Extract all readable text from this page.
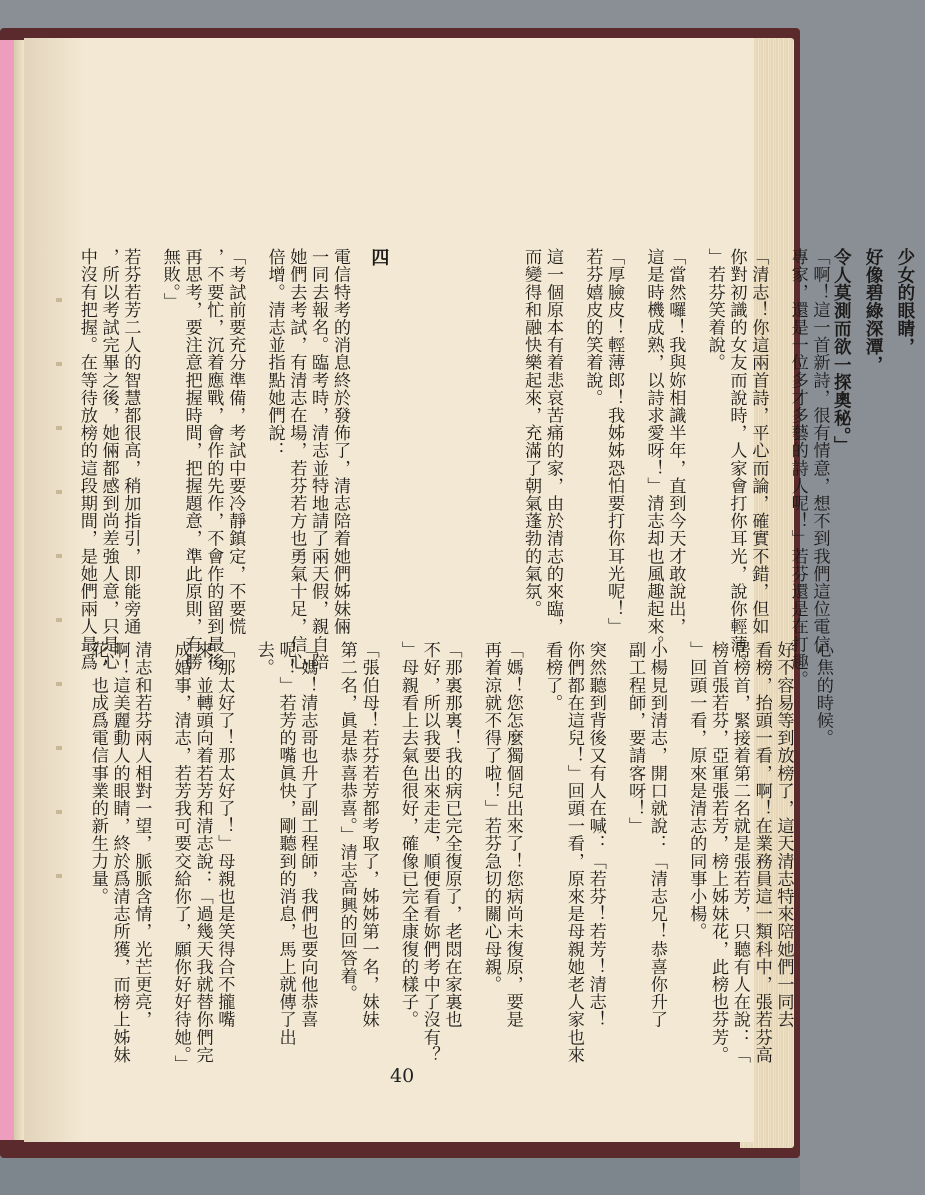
少女的眼睛，
好像碧綠深潭，
令人莫測而欲一探奧秘。」
「啊！這一首新詩，很有情意，想不到我們這位電信
專家，還是一位多才多藝的詩人呢！」若芬還是在打趣。
「清志！你這兩首詩，平心而論，確實不錯，但如
你對初識的女友而說時，人家會打你耳光，說你輕薄。
」若芬笑着說。
「當然囉！我與妳相識半年，直到今天才敢說出，
這是時機成熟，以詩求愛呀！」清志却也風趣起來。
「厚臉皮！輕薄郎！我姊姊恐怕要打你耳光呢！」
若芬嬉皮的笑着說。
這一個原本有着悲哀苦痛的家，由於清志的來臨，
而變得和融快樂起來，充滿了朝氣蓬勃的氣氛。
四
電信特考的消息終於發佈了，清志陪着她們姊妹倆
一同去報名。臨考時，清志並特地請了兩天假，親自陪
她們去考試，有清志在場，若芬若方也勇氣十足，信心
倍增。清志並指點她們說：
「考試前要充分準備，考試中要冷靜鎮定，不要慌
，不要忙，沉着應戰，會作的先作，不會作的留到最後
再思考，要注意把握時間，把握題意，準此原則，有勝
無敗。」
若芬若芳二人的智慧都很高，稍加指引，即能旁通
，所以考試完畢之後，她倆都感到尚差強人意，只是心
中沒有把握。在等待放榜的這段期間，是她們兩人最爲
心焦的時候。
好不容易等到放榜了，這天清志特來陪她們一同去
看榜，抬頭一看，啊！在業務員這一類科中，張若芬高
居榜首，緊接着第二名就是張若芳，只聽有人在說：「
榜首張若芬，亞軍張若芳，榜上姊妹花，此榜也芬芳。
」回頭一看，原來是清志的同事小楊。
小楊見到清志，開口就說：「清志兄！恭喜你升了
副工程師，要請客呀！」
突然聽到背後又有人在喊：「若芬！若芳！清志！
你們都在這兒！」回頭一看，原來是母親她老人家也來
看榜了。
「媽！您怎麼獨個兒出來了！您病尚未復原，要是
再着涼就不得了啦！」若芬急切的關心母親。
「那裏那裏！我的病已完全復原了，老悶在家裏也
不好，所以我要出來走走，順便看看妳們考中了沒有？
」母親看上去氣色很好，確像已完全康復的樣子。
「張伯母！若芬若芳都考取了，姊姊第一名，妹妹
第二名，眞是恭喜恭喜。」清志高興的回答着。
「媽！清志哥也升了副工程師，我們也要向他恭喜
呢！」若芳的嘴眞快，剛聽到的消息，馬上就傳了出
去。
「那太好了！那太好了！」母親也是笑得合不攏嘴
來，並轉頭向着若芳和清志說：「過幾天我就替你們完
成婚事，清志，若芳我可要交給你了，願你好好待她。」
清志和若芬兩人相對一望，脈脈含情，光芒更亮，
啊！這美麗動人的眼睛，終於爲清志所獲，而榜上姊妹
花，也成爲電信事業的新生力量。
40
